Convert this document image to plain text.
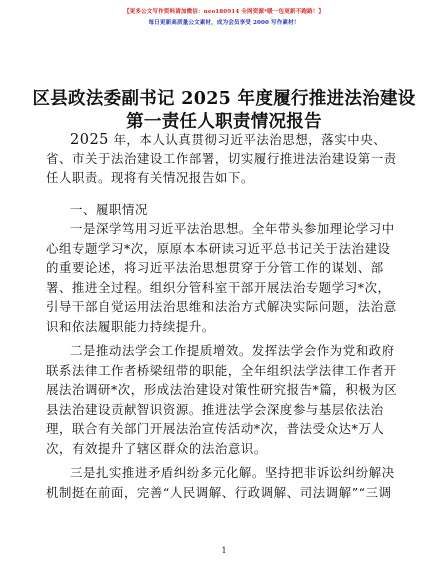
【更多公文写作资料请加微信：neo180914 全网资源*暖一包更新不跑路！】
每日更新高质量公文素材，成为会员享受 2000 写作素材！
区县政法委副书记 2025 年度履行推进法治建设
第一责任人职责情况报告
2025 年，本人认真贯彻习近平法治思想，落实中央、
省、市关于法治建设工作部署，切实履行推进法治建设第一责
任人职责。现将有关情况报告如下。
一、履职情况
一是深学笃用习近平法治思想。全年带头参加理论学习中
心组专题学习*次，原原本本研读习近平总书记关于法治建设
的重要论述，将习近平法治思想贯穿于分管工作的谋划、部
署、推进全过程。组织分管科室干部开展法治专题学习*次，
引导干部自觉运用法治思维和法治方式解决实际问题，法治意
识和依法履职能力持续提升。
二是推动法学会工作提质增效。发挥法学会作为党和政府
联系法律工作者桥梁纽带的职能，全年组织法学法律工作者开
展法治调研*次，形成法治建设对策性研究报告*篇，积极为区
县法治建设贡献智识资源。推进法学会深度参与基层依法治
理，联合有关部门开展法治宣传活动*次，普法受众达*万人
次，有效提升了辖区群众的法治意识。
三是扎实推进矛盾纠纷多元化解。坚持把非诉讼纠纷解决
机制挺在前面，完善“人民调解、行政调解、司法调解”“三调
1
